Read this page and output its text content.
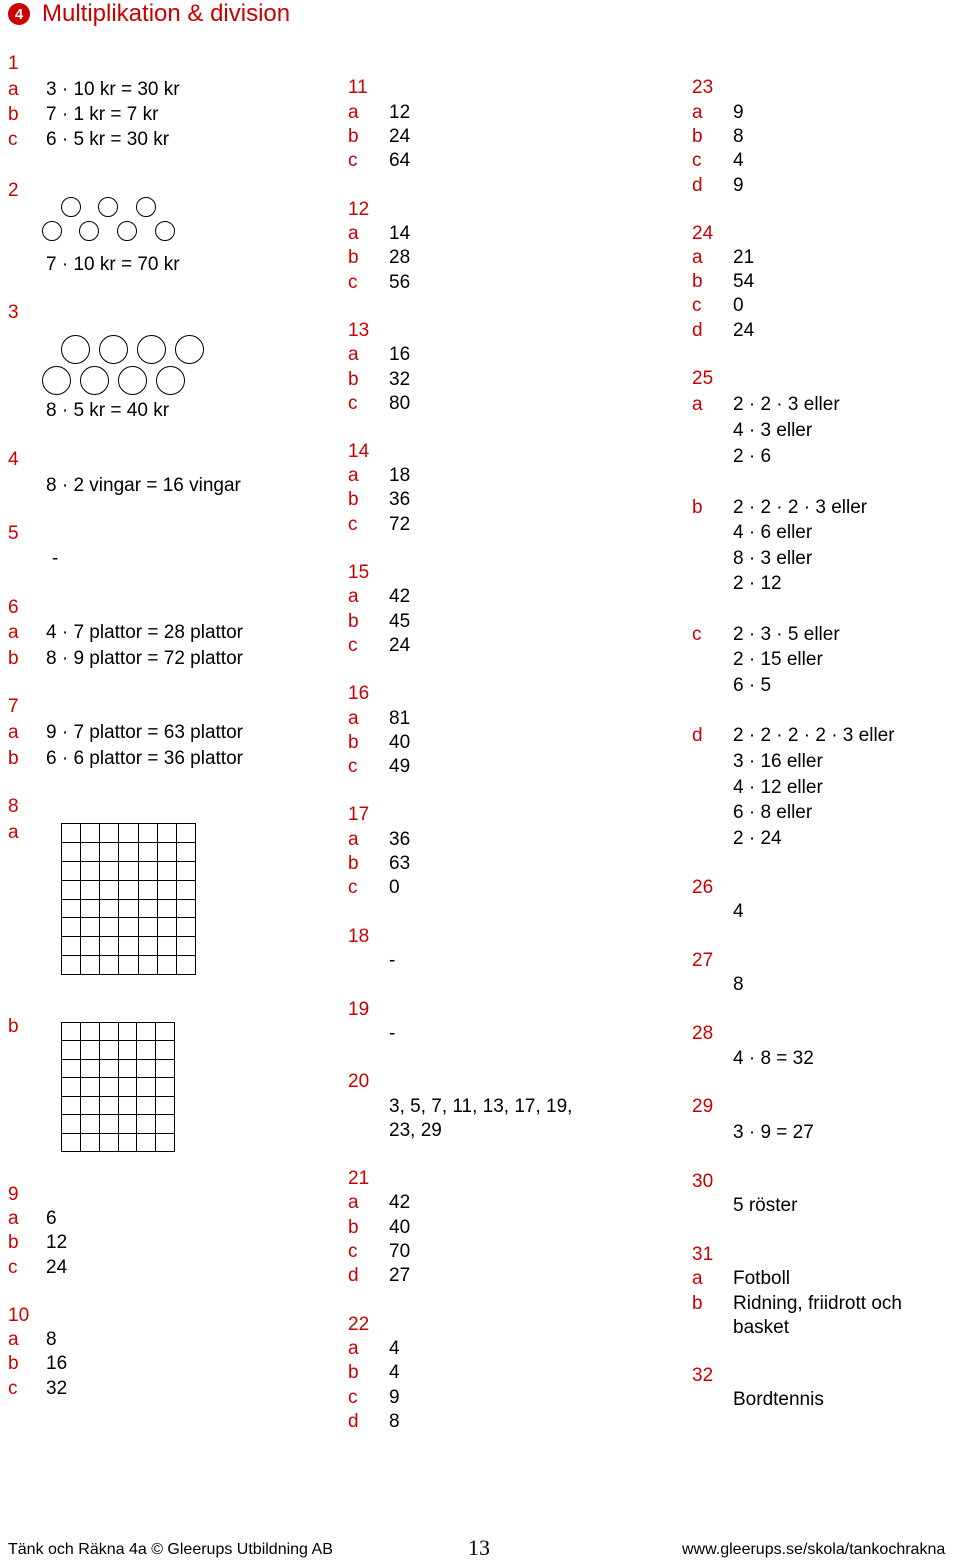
4 Multiplikation & division
1
a 3 · 10 kr = 30 kr
b 7 · 1 kr = 7 kr
c 6 · 5 kr = 30 kr
2
7 · 10 kr = 70 kr
3
8 · 5 kr = 40 kr
4
8 · 2 vingar = 16 vingar
5
-
6
a 4 · 7 plattor = 28 plattor
b 8 · 9 plattor = 72 plattor
7
a 9 · 7 plattor = 63 plattor
b 6 · 6 plattor = 36 plattor
8
a
b
9
a 6
b 12
c 24
10
a 8
b 16
c 32
11
a 12
b 24
c 64
12
a 14
b 28
c 56
13
a 16
b 32
c 80
14
a 18
b 36
c 72
15
a 42
b 45
c 24
16
a 81
b 40
c 49
17
a 36
b 63
c 0
18
-
19
-
20
3, 5, 7, 11, 13, 17, 19,
23, 29
21
a 42
b 40
c 70
d 27
22
a 4
b 4
c 9
d 8
23
a 9
b 8
c 4
d 9
24
a 21
b 54
c 0
d 24
25
a 2 · 2 · 3 eller
4 · 3 eller
2 · 6
b 2 · 2 · 2 · 3 eller
4 · 6 eller
8 · 3 eller
2 · 12
c 2 · 3 · 5 eller
2 · 15 eller
6 · 5
d 2 · 2 · 2 · 2 · 3 eller
3 · 16 eller
4 · 12 eller
6 · 8 eller
2 · 24
26
4
27
8
28
4 · 8 = 32
29
3 · 9 = 27
30
5 röster
31
a Fotboll
b Ridning, friidrott och
basket
32
Bordtennis
Tänk och Räkna 4a © Gleerups Utbildning AB	13	www.gleerups.se/skola/tankochrakna
